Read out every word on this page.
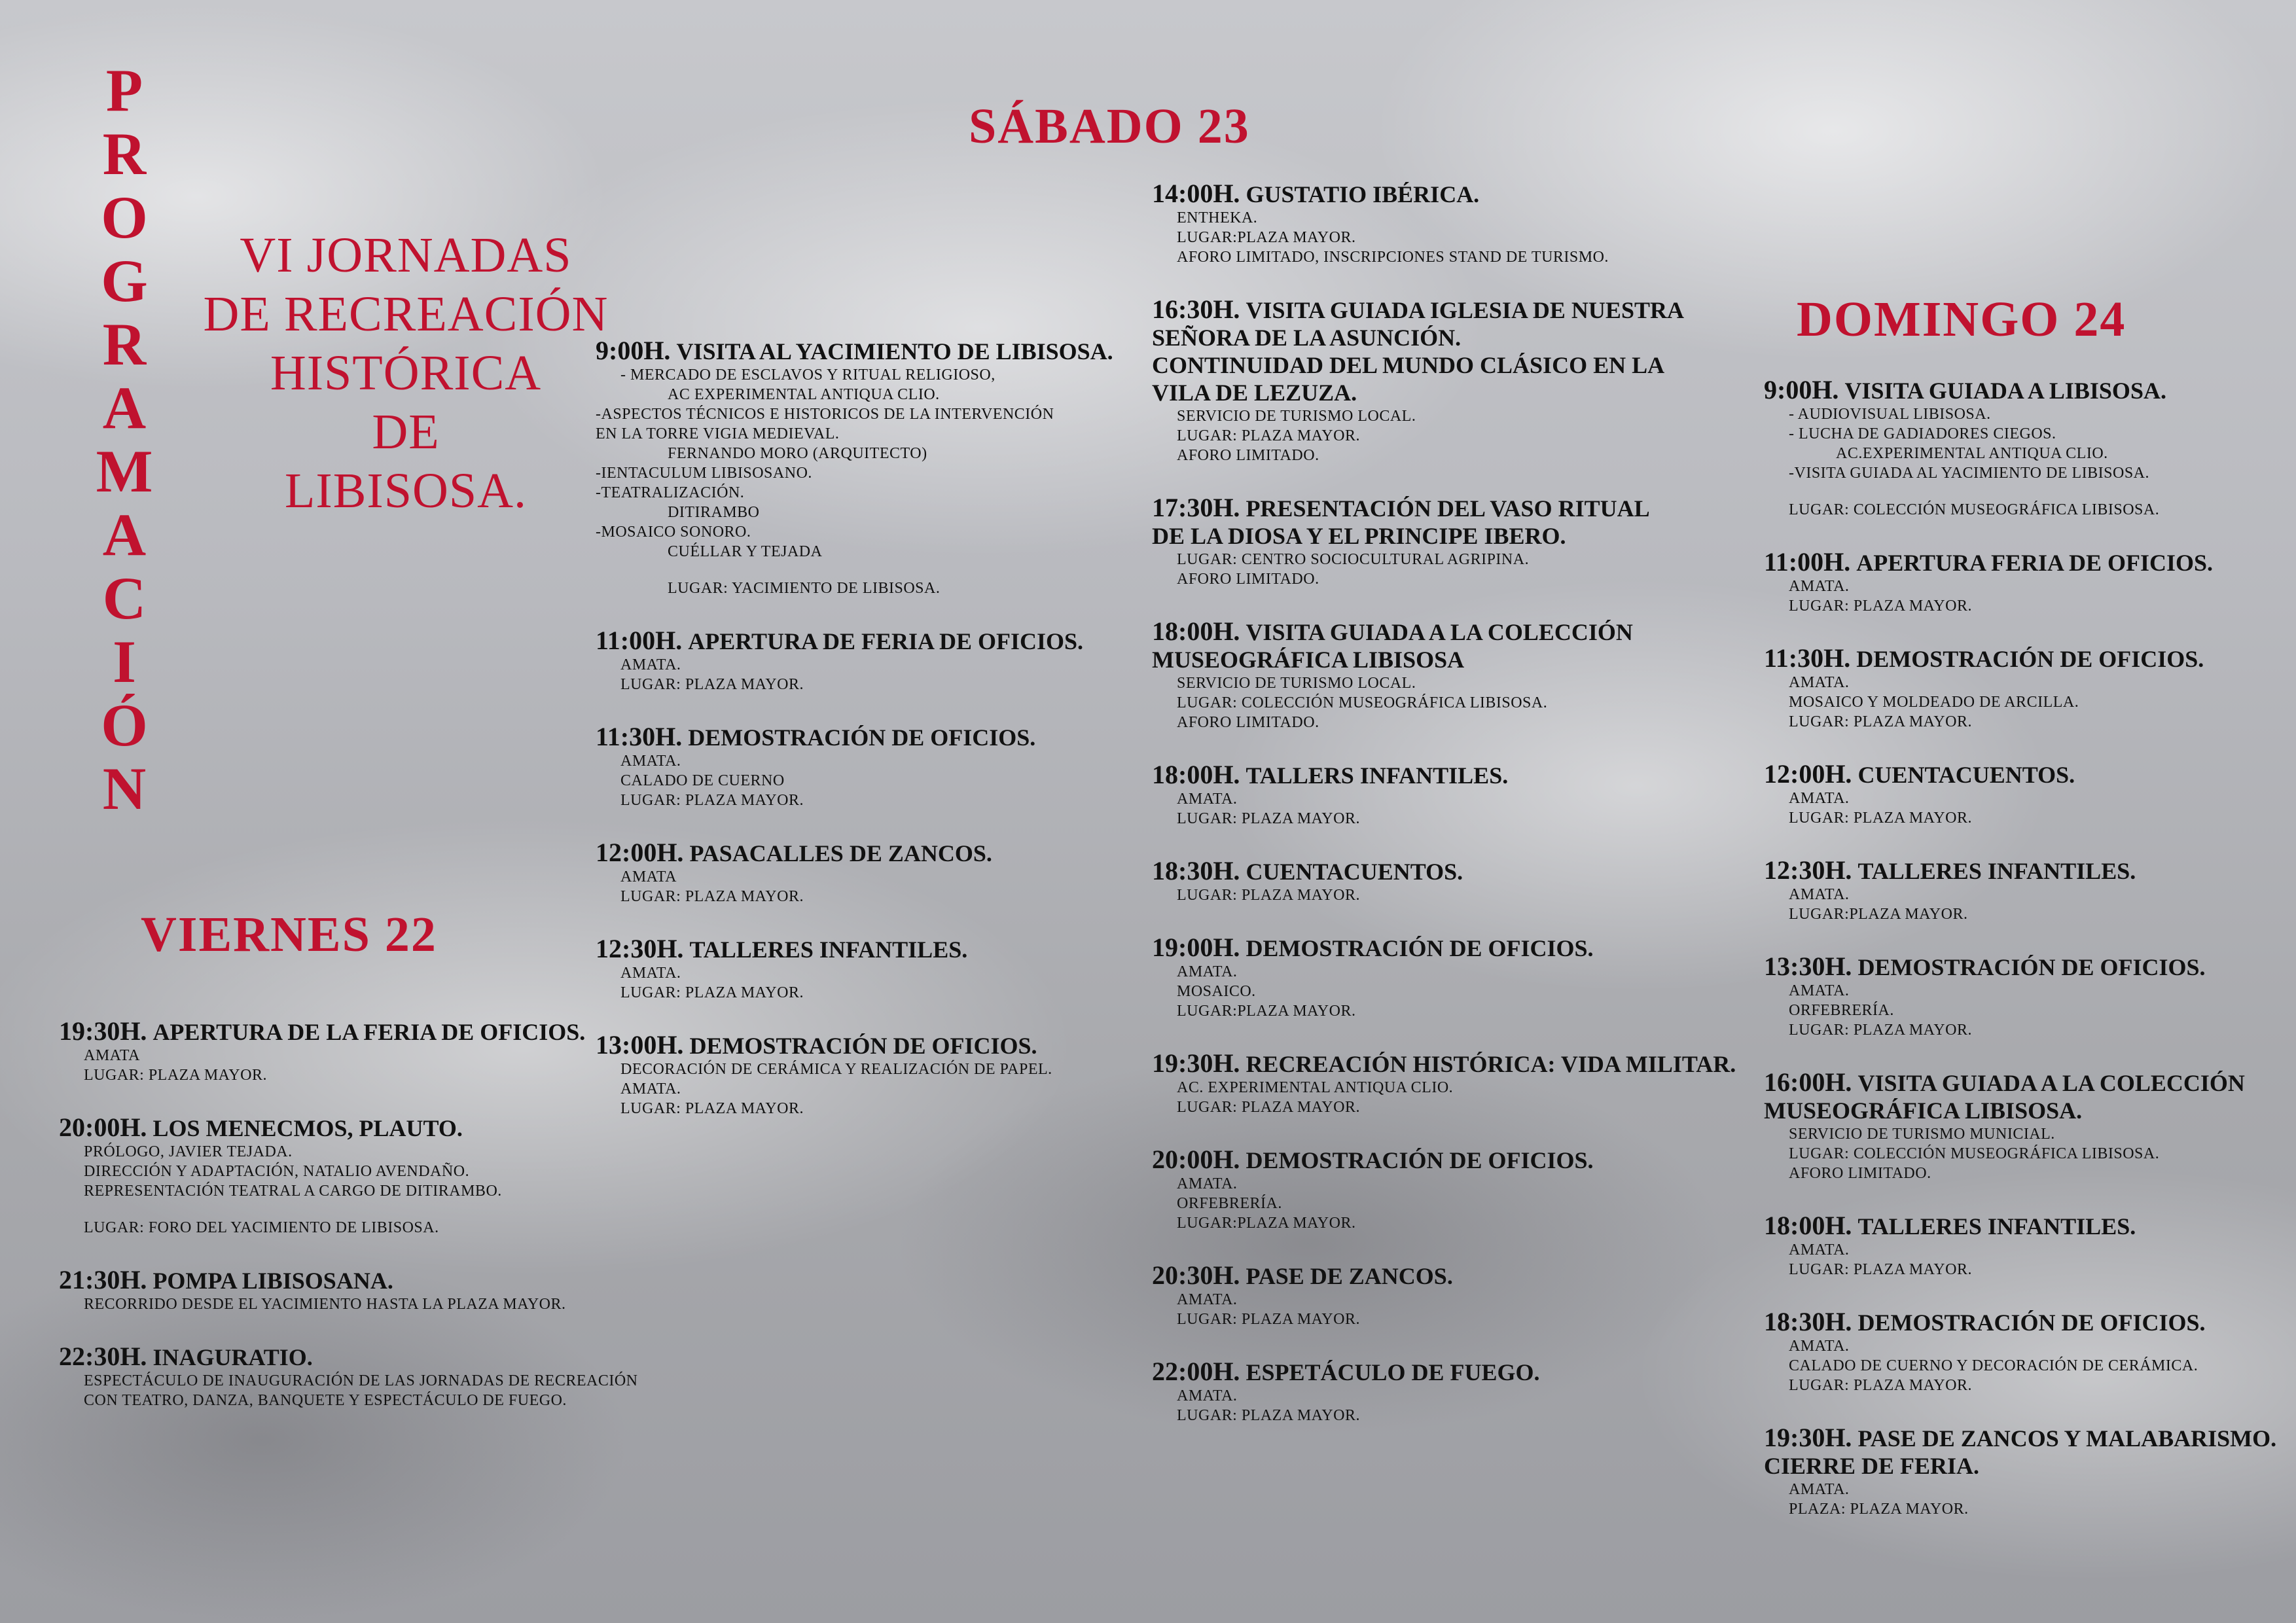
P
R
O
G
R
A
M
A
C
I
Ó
N
VI JORNADAS
DE RECREACIÓN
HISTÓRICA
DE
LIBISOSA.
VIERNES 22
SÁBADO 23
DOMINGO 24
19:30H. APERTURA DE LA FERIA DE OFICIOS.
AMATA
LUGAR: PLAZA MAYOR.
20:00H. LOS MENECMOS, PLAUTO.
PRÓLOGO, JAVIER TEJADA.
DIRECCIÓN Y ADAPTACIÓN, NATALIO AVENDAÑO.
REPRESENTACIÓN TEATRAL A CARGO DE DITIRAMBO.
LUGAR: FORO DEL YACIMIENTO DE LIBISOSA.
21:30H. POMPA LIBISOSANA.
RECORRIDO DESDE EL YACIMIENTO HASTA LA PLAZA MAYOR.
22:30H. INAGURATIO.
ESPECTÁCULO DE INAUGURACIÓN DE LAS JORNADAS DE RECREACIÓN
CON TEATRO, DANZA, BANQUETE Y ESPECTÁCULO DE FUEGO.
9:00H. VISITA AL YACIMIENTO DE LIBISOSA.
- MERCADO DE ESCLAVOS Y RITUAL RELIGIOSO,
AC EXPERIMENTAL ANTIQUA CLIO.
-ASPECTOS TÉCNICOS E HISTORICOS DE LA INTERVENCIÓN
EN LA TORRE VIGIA MEDIEVAL.
FERNANDO MORO (ARQUITECTO)
-IENTACULUM LIBISOSANO.
-TEATRALIZACIÓN.
DITIRAMBO
-MOSAICO SONORO.
CUÉLLAR Y TEJADA
LUGAR: YACIMIENTO DE LIBISOSA.
11:00H. APERTURA DE FERIA DE OFICIOS.
AMATA.
LUGAR: PLAZA MAYOR.
11:30H. DEMOSTRACIÓN DE OFICIOS.
AMATA.
CALADO DE CUERNO
LUGAR: PLAZA MAYOR.
12:00H. PASACALLES DE ZANCOS.
AMATA
LUGAR: PLAZA MAYOR.
12:30H. TALLERES INFANTILES.
AMATA.
LUGAR: PLAZA MAYOR.
13:00H. DEMOSTRACIÓN DE OFICIOS.
DECORACIÓN DE CERÁMICA Y REALIZACIÓN DE PAPEL.
AMATA.
LUGAR: PLAZA MAYOR.
14:00H. GUSTATIO IBÉRICA.
ENTHEKA.
LUGAR:PLAZA MAYOR.
AFORO LIMITADO, INSCRIPCIONES STAND DE TURISMO.
16:30H. VISITA GUIADA IGLESIA DE NUESTRA
SEÑORA DE LA ASUNCIÓN.
CONTINUIDAD DEL MUNDO CLÁSICO EN LA
VILA DE LEZUZA.
SERVICIO DE TURISMO LOCAL.
LUGAR: PLAZA MAYOR.
AFORO LIMITADO.
17:30H. PRESENTACIÓN DEL VASO RITUAL
DE LA DIOSA Y EL PRINCIPE IBERO.
LUGAR: CENTRO SOCIOCULTURAL AGRIPINA.
AFORO LIMITADO.
18:00H. VISITA GUIADA A LA COLECCIÓN
MUSEOGRÁFICA LIBISOSA
SERVICIO DE TURISMO LOCAL.
LUGAR: COLECCIÓN MUSEOGRÁFICA LIBISOSA.
AFORO LIMITADO.
18:00H. TALLERS INFANTILES.
AMATA.
LUGAR: PLAZA MAYOR.
18:30H. CUENTACUENTOS.
LUGAR: PLAZA MAYOR.
19:00H. DEMOSTRACIÓN DE OFICIOS.
AMATA.
MOSAICO.
LUGAR:PLAZA MAYOR.
19:30H. RECREACIÓN HISTÓRICA: VIDA MILITAR.
AC. EXPERIMENTAL ANTIQUA CLIO.
LUGAR: PLAZA MAYOR.
20:00H. DEMOSTRACIÓN DE OFICIOS.
AMATA.
ORFEBRERÍA.
LUGAR:PLAZA MAYOR.
20:30H. PASE DE ZANCOS.
AMATA.
LUGAR: PLAZA MAYOR.
22:00H. ESPETÁCULO DE FUEGO.
AMATA.
LUGAR: PLAZA MAYOR.
9:00H. VISITA GUIADA A LIBISOSA.
- AUDIOVISUAL LIBISOSA.
- LUCHA DE GADIADORES CIEGOS.
AC.EXPERIMENTAL ANTIQUA CLIO.
-VISITA GUIADA AL YACIMIENTO DE LIBISOSA.
LUGAR: COLECCIÓN MUSEOGRÁFICA LIBISOSA.
11:00H. APERTURA FERIA DE OFICIOS.
AMATA.
LUGAR: PLAZA MAYOR.
11:30H. DEMOSTRACIÓN DE OFICIOS.
AMATA.
MOSAICO Y MOLDEADO DE ARCILLA.
LUGAR: PLAZA MAYOR.
12:00H. CUENTACUENTOS.
AMATA.
LUGAR: PLAZA MAYOR.
12:30H. TALLERES INFANTILES.
AMATA.
LUGAR:PLAZA MAYOR.
13:30H. DEMOSTRACIÓN DE OFICIOS.
AMATA.
ORFEBRERÍA.
LUGAR: PLAZA MAYOR.
16:00H. VISITA GUIADA A LA COLECCIÓN
MUSEOGRÁFICA LIBISOSA.
SERVICIO DE TURISMO MUNICIAL.
LUGAR: COLECCIÓN MUSEOGRÁFICA LIBISOSA.
AFORO LIMITADO.
18:00H. TALLERES INFANTILES.
AMATA.
LUGAR: PLAZA MAYOR.
18:30H. DEMOSTRACIÓN DE OFICIOS.
AMATA.
CALADO DE CUERNO Y DECORACIÓN DE CERÁMICA.
LUGAR: PLAZA MAYOR.
19:30H. PASE DE ZANCOS Y MALABARISMO.
CIERRE DE FERIA.
AMATA.
PLAZA: PLAZA MAYOR.
